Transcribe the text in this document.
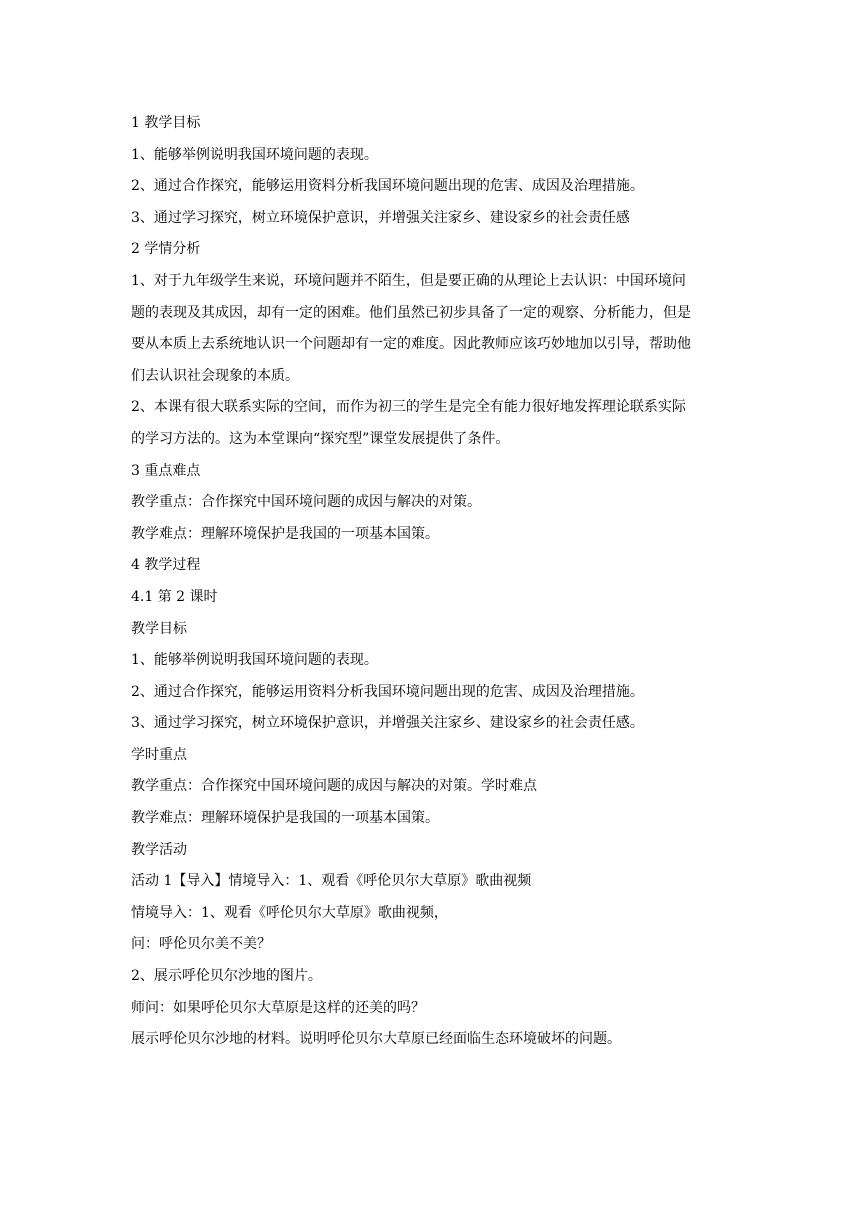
1 教学目标
1、能够举例说明我国环境问题的表现。
2、通过合作探究，能够运用资料分析我国环境问题出现的危害、成因及治理措施。
3、通过学习探究，树立环境保护意识，并增强关注家乡、建设家乡的社会责任感
2 学情分析
1、对于九年级学生来说，环境问题并不陌生，但是要正确的从理论上去认识：中国环境问
题的表现及其成因，却有一定的困难。他们虽然已初步具备了一定的观察、分析能力，但是
要从本质上去系统地认识一个问题却有一定的难度。因此教师应该巧妙地加以引导，帮助他
们去认识社会现象的本质。
2、本课有很大联系实际的空间，而作为初三的学生是完全有能力很好地发挥理论联系实际
的学习方法的。这为本堂课向“探究型”课堂发展提供了条件。
3 重点难点
教学重点：合作探究中国环境问题的成因与解决的对策。
教学难点：理解环境保护是我国的一项基本国策。
4 教学过程
4.1 第 2 课时
教学目标
1、能够举例说明我国环境问题的表现。
2、通过合作探究，能够运用资料分析我国环境问题出现的危害、成因及治理措施。
3、通过学习探究，树立环境保护意识，并增强关注家乡、建设家乡的社会责任感。
学时重点
教学重点：合作探究中国环境问题的成因与解决的对策。学时难点
教学难点：理解环境保护是我国的一项基本国策。
教学活动
活动 1【导入】情境导入：1、观看《呼伦贝尔大草原》歌曲视频
情境导入：1、观看《呼伦贝尔大草原》歌曲视频，
问：呼伦贝尔美不美？
2、展示呼伦贝尔沙地的图片。
师问：如果呼伦贝尔大草原是这样的还美的吗？
展示呼伦贝尔沙地的材料。说明呼伦贝尔大草原已经面临生态环境破坏的问题。
